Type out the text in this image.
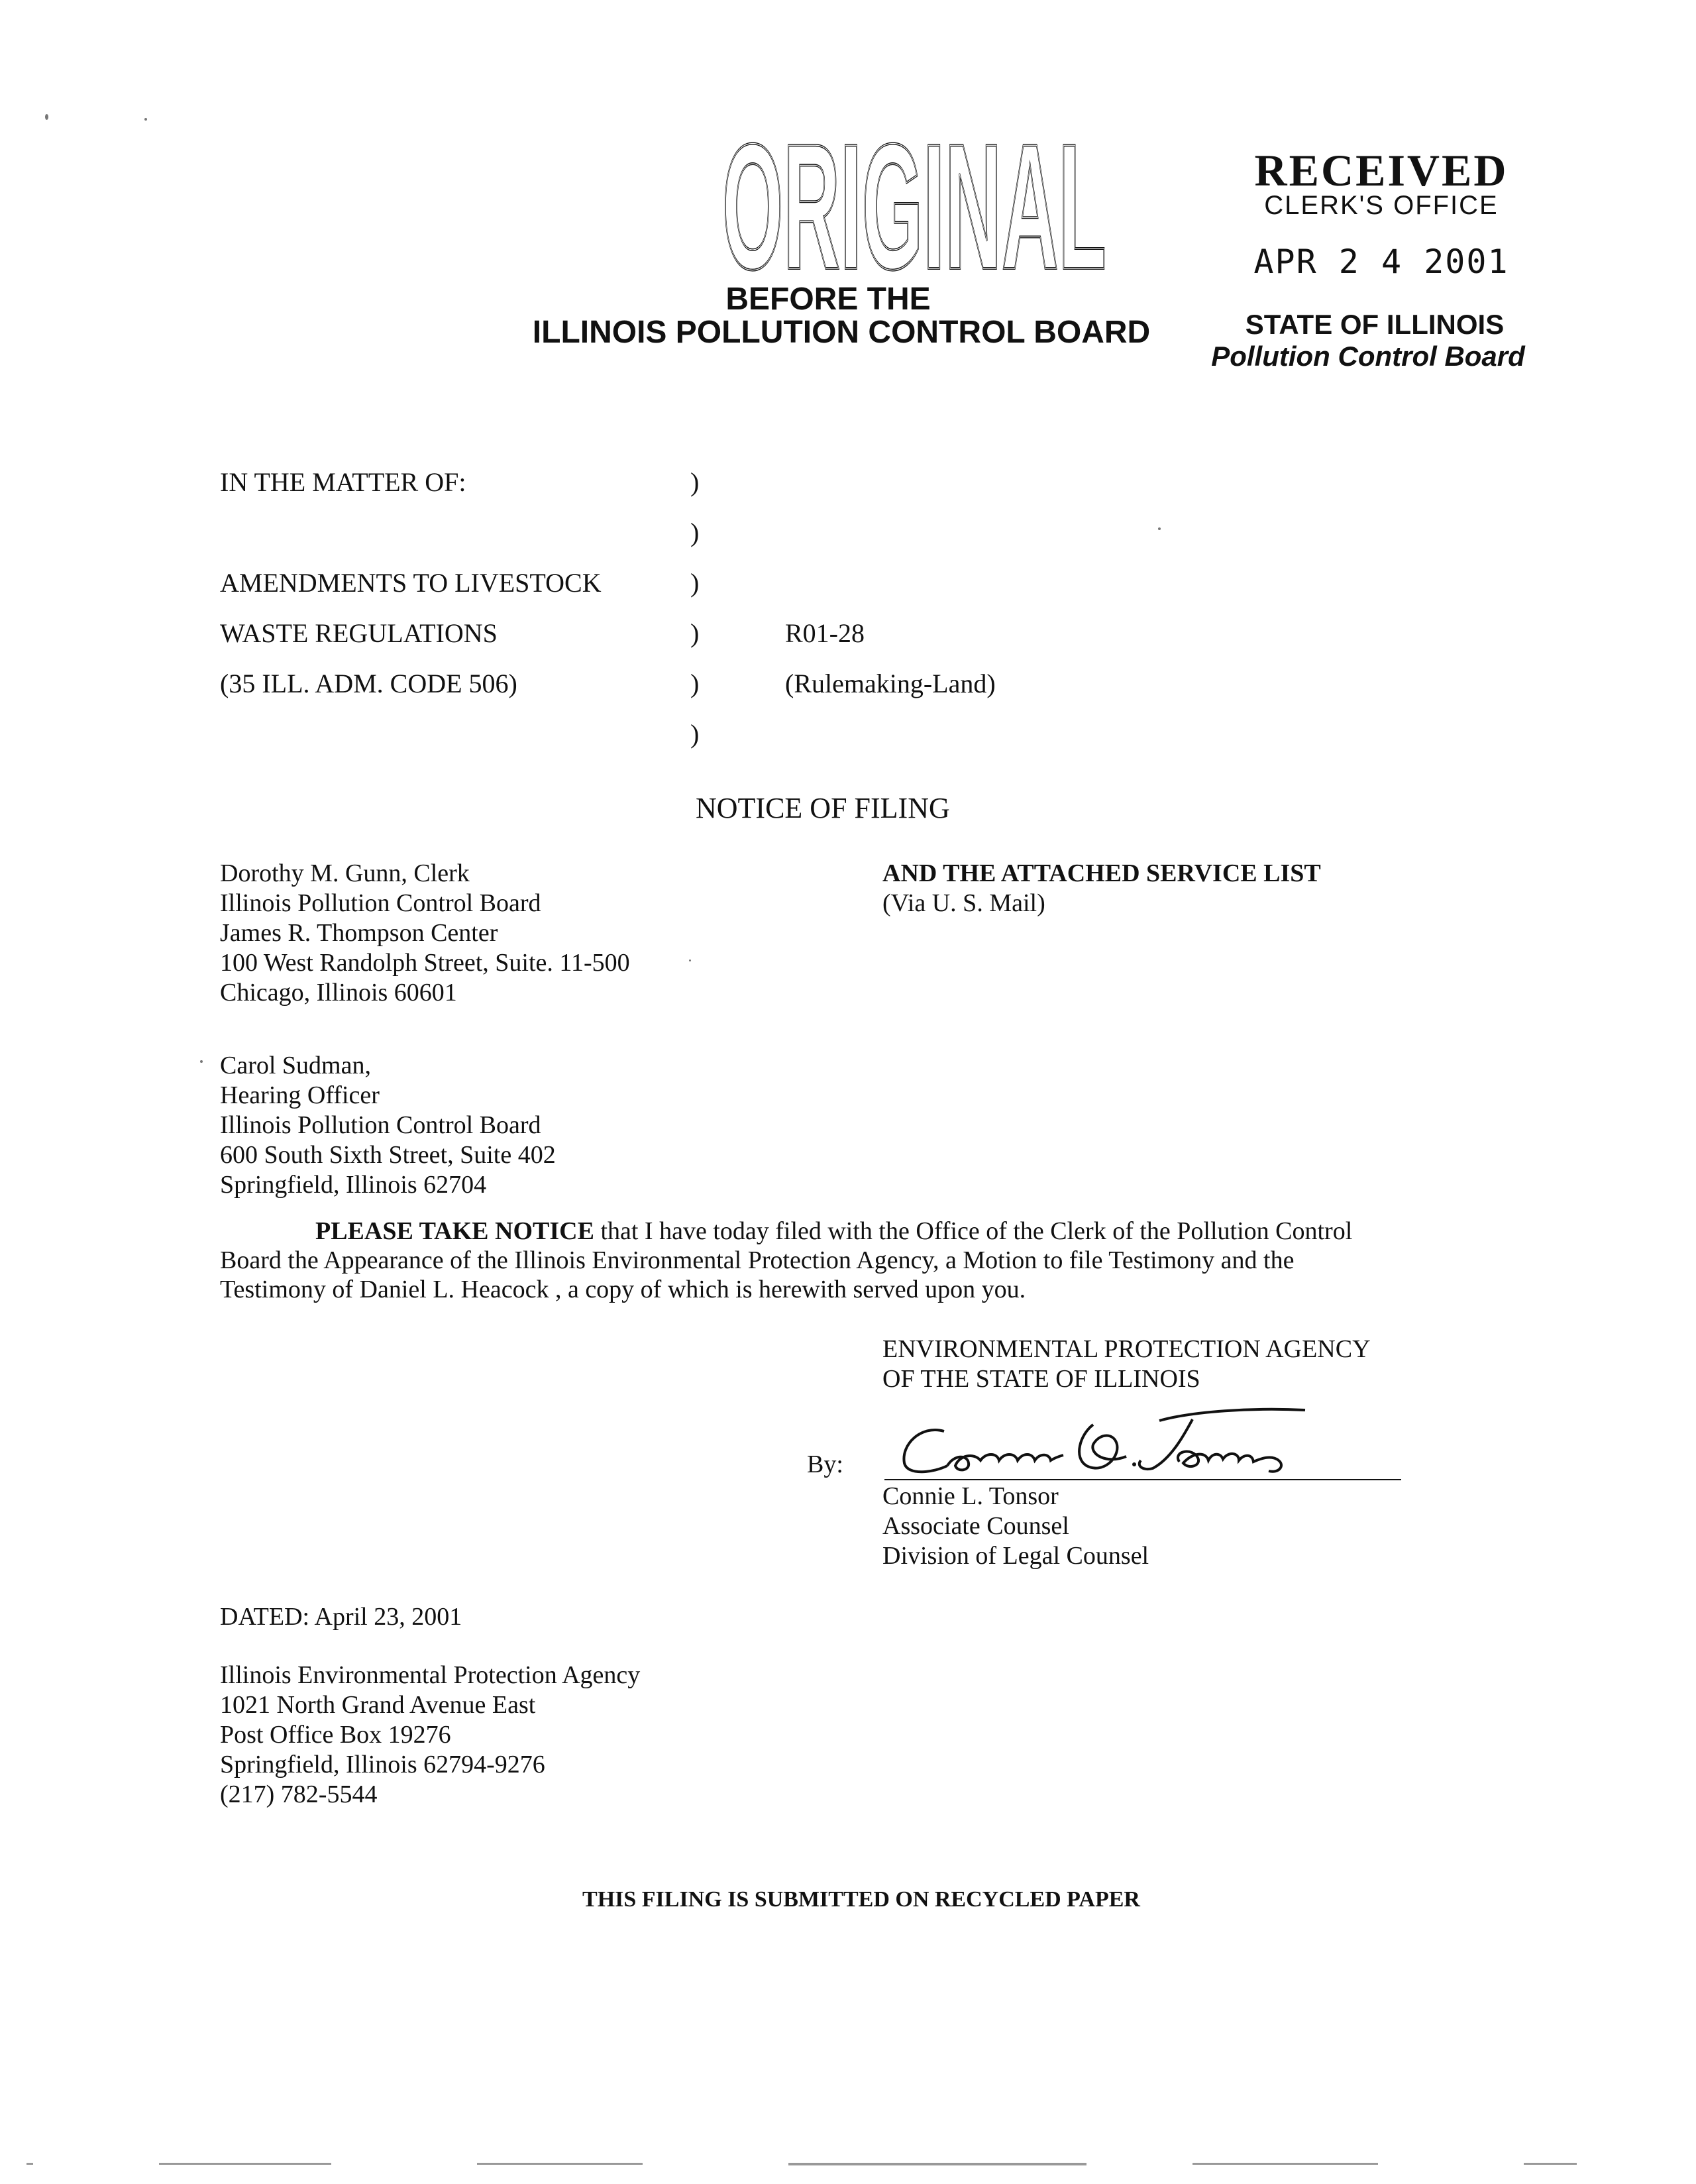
ORIGINAL
ORIGINAL	RECEIVED
CLERK'S OFFICE
APR 2 4 2001
STATE OF ILLINOIS
Pollution Control Board
BEFORE THE
ILLINOIS POLLUTION CONTROL BOARD
IN THE MATTER OF:
AMENDMENTS TO LIVESTOCK
WASTE REGULATIONS
(35 ILL. ADM. CODE 506)
)
)
)
)
)
)
R01-28
(Rulemaking-Land)
NOTICE OF FILING
Dorothy M. Gunn, Clerk
Illinois Pollution Control Board
James R. Thompson Center
100 West Randolph Street, Suite. 11-500
Chicago, Illinois 60601
Carol Sudman,
Hearing Officer
Illinois Pollution Control Board
600 South Sixth Street, Suite 402
Springfield, Illinois 62704
AND THE ATTACHED SERVICE LIST
(Via U. S. Mail)
PLEASE TAKE NOTICE that I have today filed with the Office of the Clerk of the Pollution Control
Board the Appearance of the Illinois Environmental Protection Agency, a Motion to file Testimony and the
Testimony of Daniel L. Heacock , a copy of which is herewith served upon you.
ENVIRONMENTAL PROTECTION AGENCY
OF THE STATE OF ILLINOIS
By:
Connie L. Tonsor
Associate Counsel
Division of Legal Counsel
DATED: April 23, 2001
Illinois Environmental Protection Agency
1021 North Grand Avenue East
Post Office Box 19276
Springfield, Illinois 62794-9276
(217) 782-5544
THIS FILING IS SUBMITTED ON RECYCLED PAPER
